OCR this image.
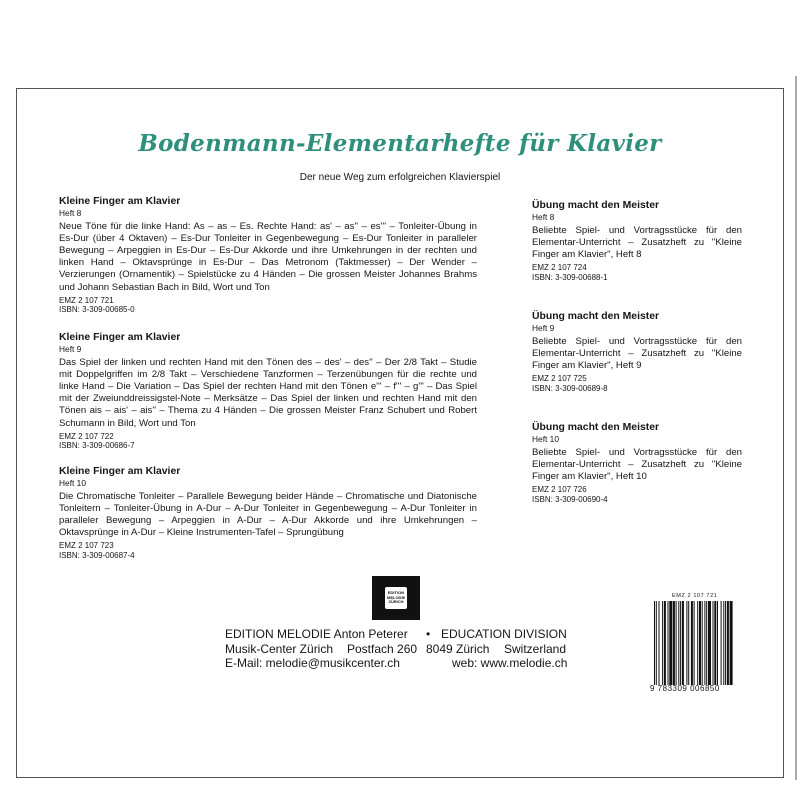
Bodenmann-Elementarhefte für Klavier
Der neue Weg zum erfolgreichen Klavierspiel
Kleine Finger am Klavier
Heft 8
Neue Töne für die linke Hand: As – as – Es. Rechte Hand: as' – as'' – es''' – Tonleiter-Übung in Es-Dur (über 4 Oktaven) – Es-Dur Tonleiter in Gegenbewegung – Es-Dur Tonleiter in paralleler Bewegung – Arpeggien in Es-Dur – Es-Dur Akkorde und ihre Umkehrungen in der rechten und linken Hand – Oktavsprünge in Es-Dur – Das Metronom (Taktmesser) – Der Wender – Verzierungen (Ornamentik) – Spielstücke zu 4 Händen – Die grossen Meister Johannes Brahms und Johann Sebastian Bach in Bild, Wort und Ton
EMZ 2 107 721
ISBN: 3-309-00685-0
Kleine Finger am Klavier
Heft 9
Das Spiel der linken und rechten Hand mit den Tönen des – des' – des'' – Der 2/8 Takt – Studie mit Doppelgriffen im 2/8 Takt – Verschiedene Tanzformen – Terzenübungen für die rechte und linke Hand – Die Variation – Das Spiel der rechten Hand mit den Tönen e''' – f''' – g''' – Das Spiel mit der Zweiunddreissigstel-Note – Merksätze – Das Spiel der linken und rechten Hand mit den Tönen ais – ais' – ais'' – Thema zu 4 Händen – Die grossen Meister Franz Schubert und Robert Schumann in Bild, Wort und Ton
EMZ 2 107 722
ISBN: 3-309-00686-7
Kleine Finger am Klavier
Heft 10
Die Chromatische Tonleiter – Parallele Bewegung beider Hände – Chromatische und Diatonische Tonleitern – Tonleiter-Übung in A-Dur – A-Dur Tonleiter in Gegenbewegung – A-Dur Tonleiter in paralleler Bewegung – Arpeggien in A-Dur – A-Dur Akkorde und ihre Umkehrungen – Oktavsprünge in A-Dur – Kleine Instrumenten-Tafel – Sprungübung
EMZ 2 107 723
ISBN: 3-309-00687-4
Übung macht den Meister
Heft 8
Beliebte Spiel- und Vortragsstücke für den Elementar-Unterricht – Zusatzheft zu "Kleine Finger am Klavier", Heft 8
EMZ 2 107 724
ISBN: 3-309-00688-1
Übung macht den Meister
Heft 9
Beliebte Spiel- und Vortragsstücke für den Elementar-Unterricht – Zusatzheft zu "Kleine Finger am Klavier", Heft 9
EMZ 2 107 725
ISBN: 3-309-00689-8
Übung macht den Meister
Heft 10
Beliebte Spiel- und Vortragsstücke für den Elementar-Unterricht – Zusatzheft zu "Kleine Finger am Klavier", Heft 10
EMZ 2 107 726
ISBN: 3-309-00690-4
EDITION MELODIE ZÜRICH
EDITION MELODIE Anton Peterer • EDUCATION DIVISION
Musik-Center Zürich Postfach 260 8049 Zürich Switzerland
E-Mail: melodie@musikcenter.ch	web: www.melodie.ch
EMZ 2 107 721
9 783309 006850
